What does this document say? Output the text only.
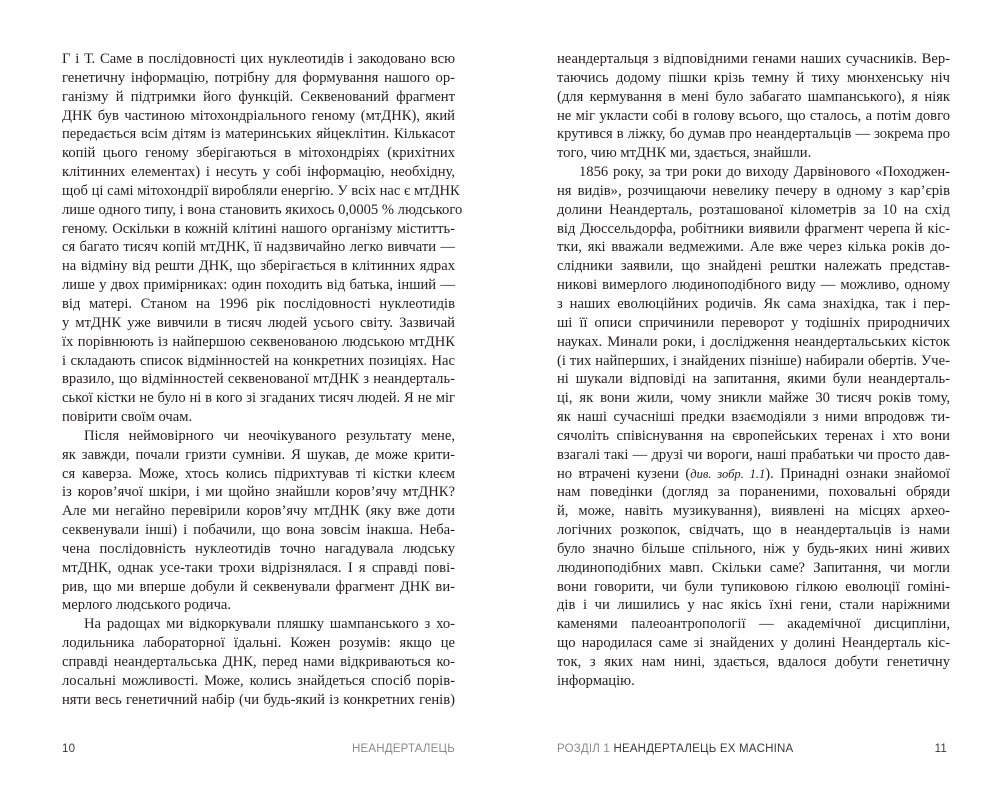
Г і Т. Саме в послідовності цих нуклеотидів і закодовано всю
генетичну інформацію, потрібну для формування нашого ор-
ганізму й підтримки його функцій. Секвенований фрагмент
ДНК був частиною мітохондріального геному (мтДНК), який
передається всім дітям із материнських яйцеклітин. Кількасот
копій цього геному зберігаються в мітохондріях (крихітних
клітинних елементах) і несуть у собі інформацію, необхідну,
щоб ці самі мітохондрії виробляли енергію. У всіх нас є мтДНК
лише одного типу, і вона становить якихось 0,0005 % людського
геному. Оскільки в кожній клітині нашого організму міститть-
ся багато тисяч копій мтДНК, її надзвичайно легко вивчати —
на відміну від решти ДНК, що зберігається в клітинних ядрах
лише у двох примірниках: один походить від батька, інший —
від матері. Станом на 1996 рік послідовності нуклеотидів
у мтДНК уже вивчили в тисяч людей усього світу. Зазвичай
їх порівнюють із найпершою секвенованою людською мтДНК
і складають список відмінностей на конкретних позиціях. Нас
вразило, що відмінностей секвенованої мтДНК з неандерталь-
ської кістки не було ні в кого зі згаданих тисяч людей. Я не міг
повірити своїм очам.
Після неймовірного чи неочікуваного результату мене,
як завжди, почали гризти сумніви. Я шукав, де може крити-
ся каверза. Може, хтось колись підрихтував ті кістки клеєм
із коров’ячої шкіри, і ми щойно знайшли коров’ячу мтДНК?
Але ми негайно перевірили коров’ячу мтДНК (яку вже доти
секвенували інші) і побачили, що вона зовсім інакша. Неба-
чена послідовність нуклеотидів точно нагадувала людську
мтДНК, однак усе-таки трохи відрізнялася. І я справді пові-
рив, що ми вперше добули й секвенували фрагмент ДНК ви-
мерлого людського родича.
На радощах ми відкоркували пляшку шампанського з хо-
лодильника лабораторної їдальні. Кожен розумів: якщо це
справді неандертальська ДНК, перед нами відкриваються ко-
лосальні можливості. Може, колись знайдеться спосіб порів-
няти весь генетичний набір (чи будь-який із конкретних генів)
10	НЕАНДЕРТАЛЕЦЬ
неандертальця з відповідними генами наших сучасників. Вер-
таючись додому пішки крізь темну й тиху мюнхенську ніч
(для кермування в мені було забагато шампанського), я ніяк
не міг укласти собі в голову всього, що сталось, а потім довго
крутився в ліжку, бо думав про неандертальців — зокрема про
того, чию мтДНК ми, здається, знайшли.
1856 року, за три роки до виходу Дарвінового «Походжен-
ня видів», розчищаючи невелику печеру в одному з кар’єрів
долини Неандерталь, розташованої кілометрів за 10 на схід
від Дюссельдорфа, робітники виявили фрагмент черепа й кіс-
тки, які вважали ведмежими. Але вже через кілька років до-
слідники заявили, що знайдені рештки належать представ-
никові вимерлого людиноподібного виду — можливо, одному
з наших еволюційних родичів. Як сама знахідка, так і пер-
ші її описи спричинили переворот у тодішніх природничих
науках. Минали роки, і дослідження неандертальських кісток
(і тих найперших, і знайдених пізніше) набирали обертів. Уче-
ні шукали відповіді на запитання, якими були неандерталь-
ці, як вони жили, чому зникли майже 30 тисяч років тому,
як наші сучасніші предки взаємодіяли з ними впродовж ти-
сячоліть співіснування на європейських теренах і хто вони
взагалі такі — друзі чи вороги, наші прабатьки чи просто дав-
но втрачені кузени (див. зобр. 1.1). Принадні ознаки знайомої
нам поведінки (догляд за пораненими, поховальні обряди
й, може, навіть музикування), виявлені на місцях археo-
логічних розкопок, свідчать, що в неандертальців із нами
було значно більше спільного, ніж у будь-яких нині живих
людиноподібних мавп. Скільки саме? Запитання, чи могли
вони говорити, чи були тупиковою гілкою еволюції гоміні-
дів і чи лишились у нас якісь їхні гени, стали наріжними
каменями палеоантропології — академічної дисципліни,
що народилася саме зі знайдених у долині Неандерталь кіс-
ток, з яких нам нині, здається, вдалося добути генетичну
інформацію.
РОЗДІЛ 1 НЕАНДЕРТАЛЕЦЬ EX MACHINA	11
